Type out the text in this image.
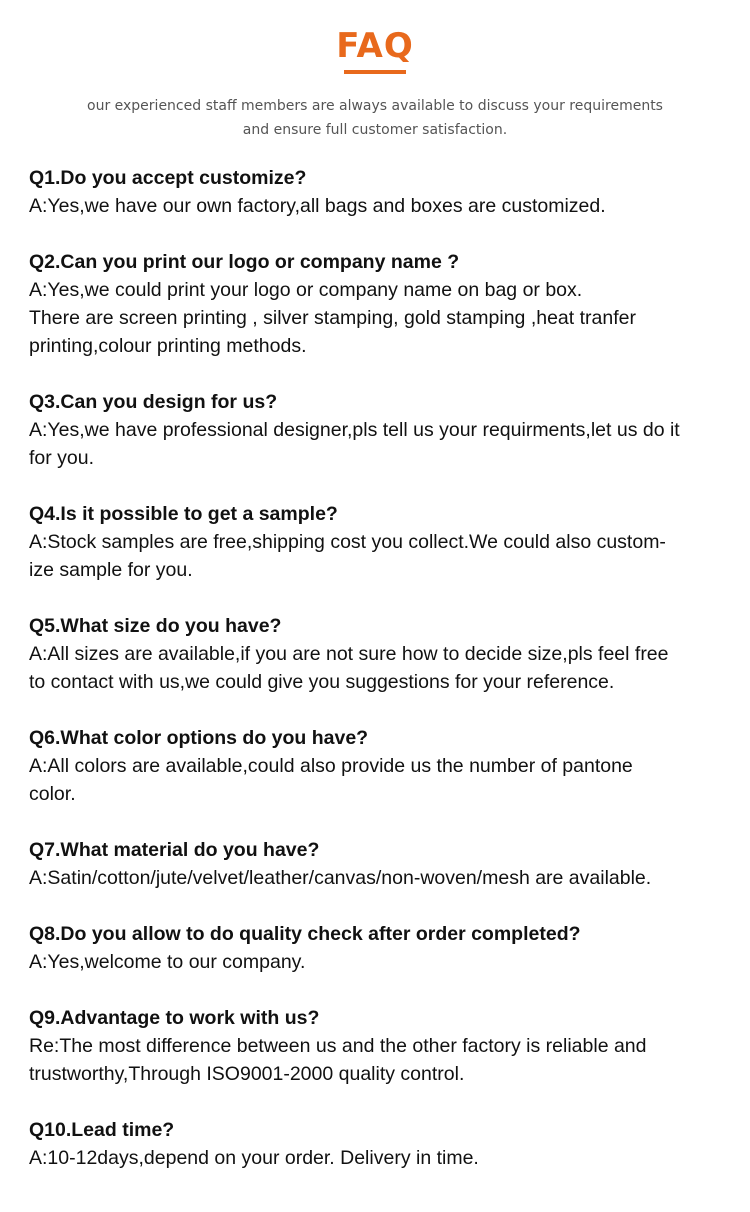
FAQ
our experienced staff members are always available to discuss your requirements
and ensure full customer satisfaction.
Q1.Do you accept customize?
A:Yes,we have our own factory,all bags and boxes are customized.
Q2.Can you print our logo or company name ?
A:Yes,we could print your logo or company name on bag or box.
There are screen printing , silver stamping, gold stamping ,heat tranfer
printing,colour printing methods.
Q3.Can you design for us?
A:Yes,we have professional designer,pls tell us your requirments,let us do it
for you.
Q4.Is it possible to get a sample?
A:Stock samples are free,shipping cost you collect.We could also custom-
ize sample for you.
Q5.What size do you have?
A:All sizes are available,if you are not sure how to decide size,pls feel free
to contact with us,we could give you suggestions for your reference.
Q6.What color options do you have?
A:All colors are available,could also provide us the number of pantone
color.
Q7.What material do you have?
A:Satin/cotton/jute/velvet/leather/canvas/non-woven/mesh are available.
Q8.Do you allow to do quality check after order completed?
A:Yes,welcome to our company.
Q9.Advantage to work with us?
Re:The most difference between us and the other factory is reliable and
trustworthy,Through ISO9001-2000 quality control.
Q10.Lead time?
A:10-12days,depend on your order. Delivery in time.
